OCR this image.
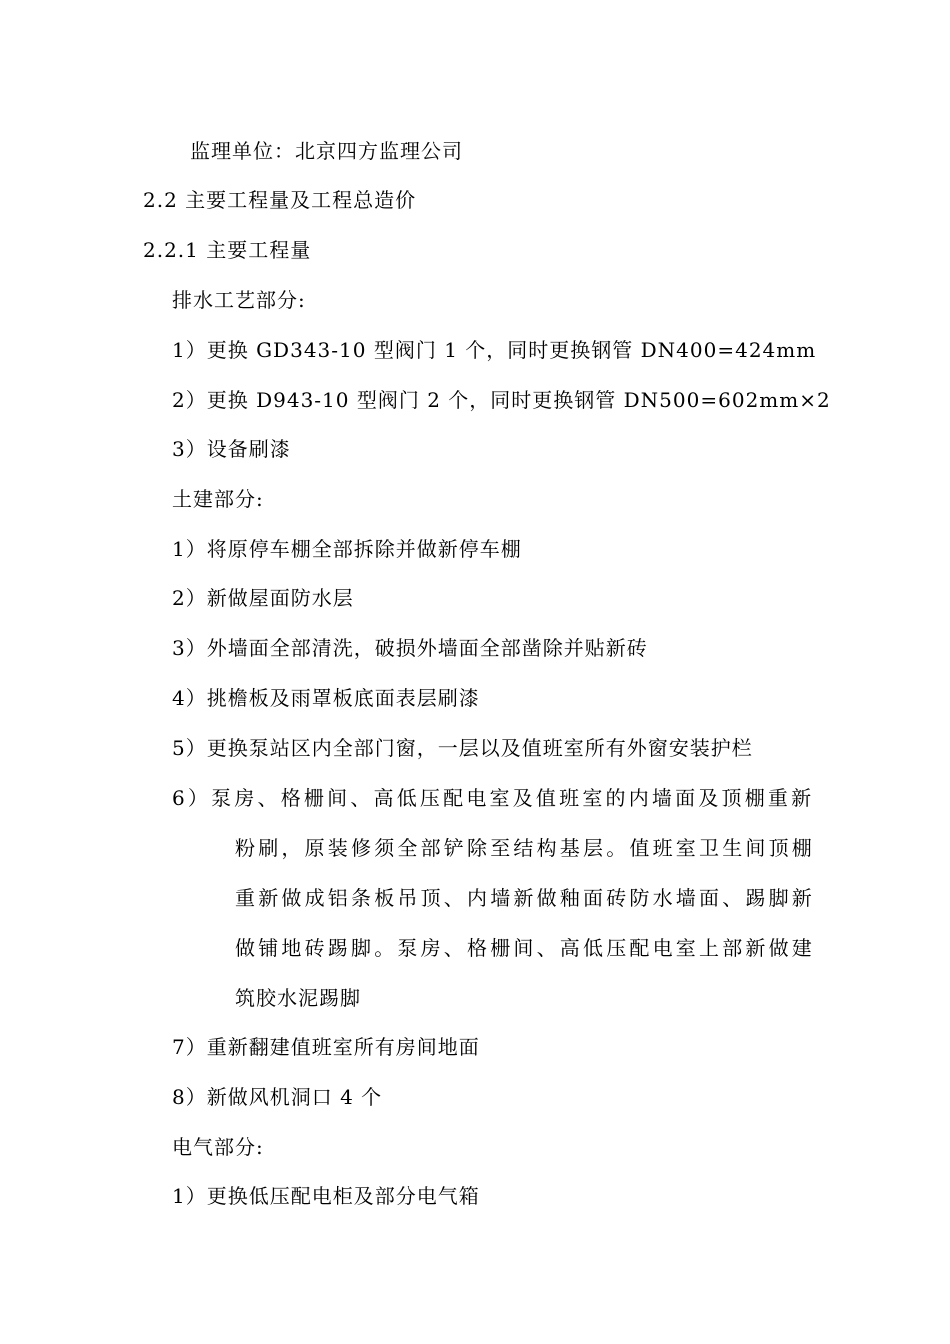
监理单位：北京四方监理公司
2.2 主要工程量及工程总造价
2.2.1 主要工程量
排水工艺部分:
1）更换 GD343-10 型阀门 1 个，同时更换钢管 DN400=424mm
2）更换 D943-10 型阀门 2 个，同时更换钢管 DN500=602mm×2
3）设备刷漆
土建部分:
1）将原停车棚全部拆除并做新停车棚
2）新做屋面防水层
3）外墙面全部清洗，破损外墙面全部凿除并贴新砖
4）挑檐板及雨罩板底面表层刷漆
5）更换泵站区内全部门窗，一层以及值班室所有外窗安装护栏
6）泵房、格栅间、高低压配电室及值班室的内墙面及顶棚重新
粉刷，原装修须全部铲除至结构基层。值班室卫生间顶棚
重新做成铝条板吊顶、内墙新做釉面砖防水墙面、踢脚新
做铺地砖踢脚。泵房、格栅间、高低压配电室上部新做建
筑胶水泥踢脚
7）重新翻建值班室所有房间地面
8）新做风机洞口 4 个
电气部分:
1）更换低压配电柜及部分电气箱
